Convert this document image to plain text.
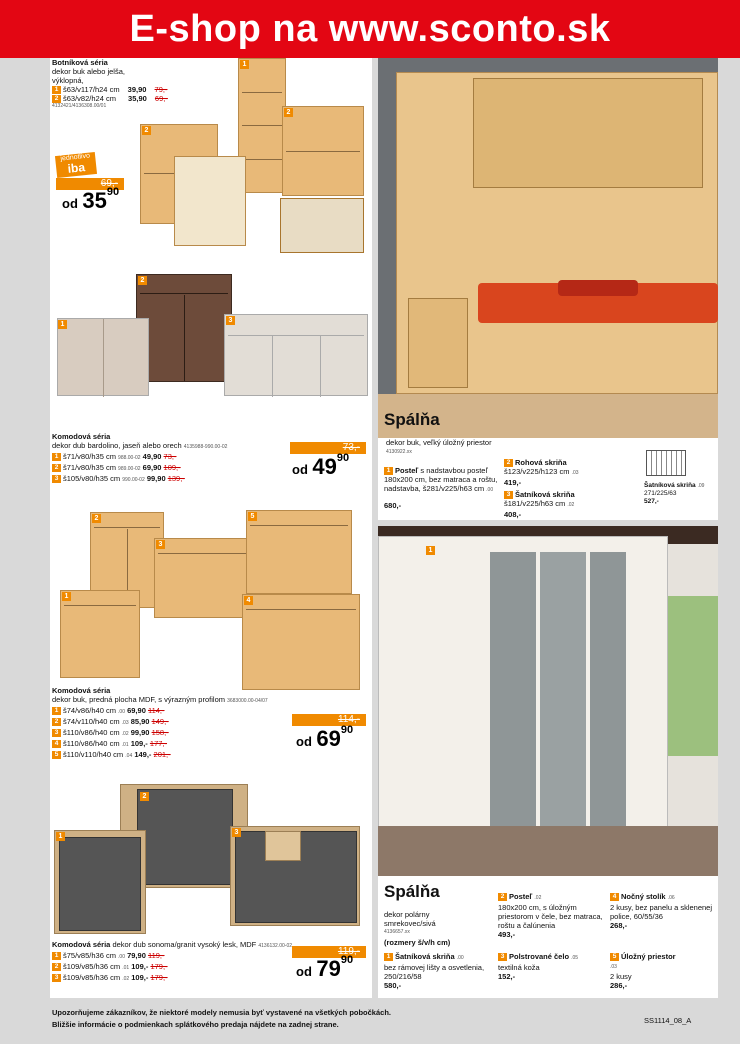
E-shop na www.sconto.sk
Botníková séria
dekor buk alebo jelša,
výklopná,
1 š63/v117/h24 cm 39,90 79,-
2 š63/v82/h24 cm 35,90 69,-
4132421/4136308.00/01
jednotlivo
iba
69,-
od $35^{90}$
1
2
2
1
2
3
Komodová séria
dekor dub bardolino, jaseň alebo orech 4135988-990.00-02
1 š71/v80/h35 cm 988.00-02 49,90 73,-
2 š71/v80/h35 cm 989.00-02 69,90 109,-
3 š105/v80/h35 cm 990.00-02 99,90 139,-
73,-
od $49^{90}$
2
3
5
1
4
Komodová séria
dekor buk, predná plocha MDF, s výrazným profilom 3683000.00-04/07
1 š74/v86/h40 cm .00 69,90 114,-
2 š74/v110/h40 cm .03 85,90 149,-
3 š110/v86/h40 cm .02 99,90 158,-
4 š110/v86/h40 cm .01 109,- 177,-
5 š110/v110/h40 cm .04 149,- 201,-
114,-
od $69^{90}$
1
2
3
Komodová séria dekor dub sonoma/granit vysoký lesk, MDF 4136132.00-02
1 š75/v85/h36 cm .00 79,90 119,-
2 š109/v85/h36 cm .01 109,- 179,-
3 š109/v85/h36 cm .02 109,- 179,-
119,-
od $79^{90}$
Spálňa
dekor buk, veľký úložný priestor
4130922.xx
1 Posteľ s nadstavbou posteľ 180x200 cm, bez matraca a roštu, nadstavba, š281/v225/h63 cm .00
680,-
2 Rohová skriňa
š123/v225/h123 cm .03
419,-
3 Šatníková skriňa
š181/v225/h63 cm .02
408,-
Šatníková skriňa .09
271/225/63
527,-
1
Spálňa
dekor polárny
smrekovec/sivá
4136657.xx
(rozmery š/v/h cm)
1 Šatníková skriňa .00
bez rámovej lišty a osvetlenia, 250/216/58
580,-
2 Posteľ .02
180x200 cm, s úložným priestorom v čele, bez matraca, roštu a čalúnenia
493,-
3 Polstrované čelo .05
textilná koža
152,-
4 Nočný stolík .06
2 kusy, bez panelu a sklenenej police, 60/55/36
268,-
5 Úložný priestor
.03
2 kusy
286,-
Upozorňujeme zákazníkov, že niektoré modely nemusia byť vystavené na všetkých pobočkách.
Bližšie informácie o podmienkach splátkového predaja nájdete na zadnej strane.	SS1114_08_A
